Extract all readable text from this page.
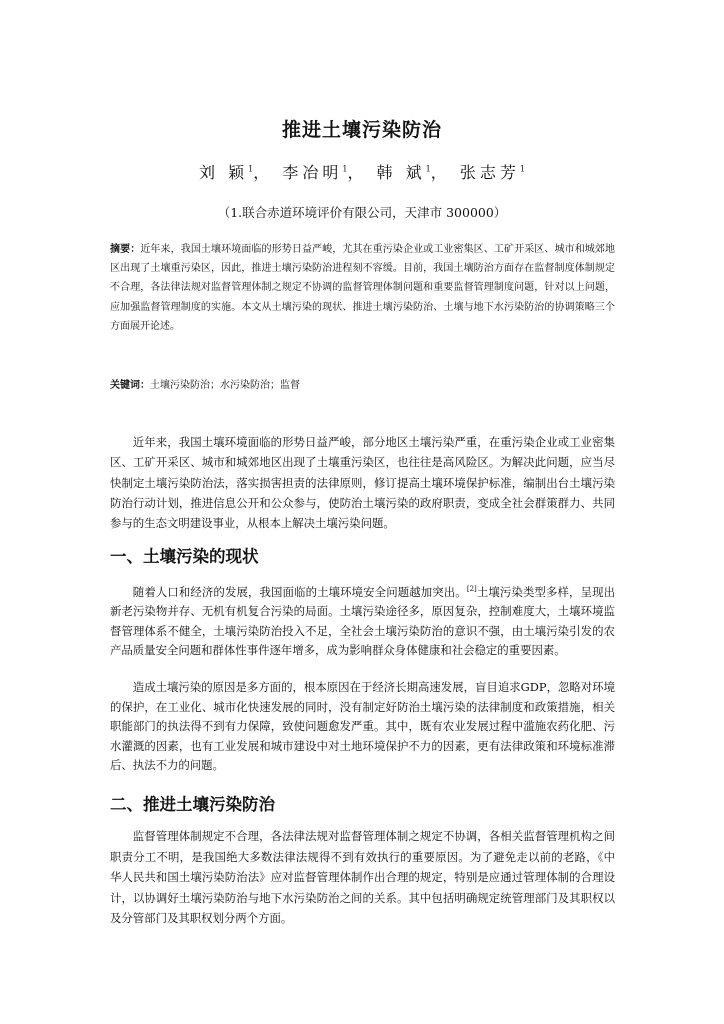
推进土壤污染防治
刘 颖$^1$， 李冶明$^1$， 韩 斌$^1$， 张志芳$^1$
（1.联合赤道环境评价有限公司，天津市 300000）
摘要：近年来，我国土壤环境面临的形势日益严峻，尤其在重污染企业或工业密集区、工矿开采区、城市和城郊地区出现了土壤重污染区，因此，推进土壤污染防治进程刻不容缓。目前，我国土壤防治方面存在监督制度体制规定不合理，各法律法规对监督管理体制之规定不协调的监督管理体制问题和重要监督管理制度问题，针对以上问题，应加强监督管理制度的实施。本文从土壤污染的现状、推进土壤污染防治、土壤与地下水污染防治的协调策略三个方面展开论述。
关键词：土壤污染防治；水污染防治；监督
近年来，我国土壤环境面临的形势日益严峻，部分地区土壤污染严重，在重污染企业或工业密集区、工矿开采区、城市和城郊地区出现了土壤重污染区，也往往是高风险区。为解决此问题，应当尽快制定土壤污染防治法，落实损害担责的法律原则，修订提高土壤环境保护标准，编制出台土壤污染防治行动计划，推进信息公开和公众参与，使防治土壤污染的政府职责，变成全社会群策群力、共同参与的生态文明建设事业，从根本上解决土壤污染问题。
一、土壤污染的现状
随着人口和经济的发展，我国面临的土壤环境安全问题越加突出。[2]土壤污染类型多样，呈现出新老污染物并存、无机有机复合污染的局面。土壤污染途径多，原因复杂，控制难度大，土壤环境监督管理体系不健全，土壤污染防治投入不足，全社会土壤污染防治的意识不强，由土壤污染引发的农产品质量安全问题和群体性事件逐年增多，成为影响群众身体健康和社会稳定的重要因素。
造成土壤污染的原因是多方面的，根本原因在于经济长期高速发展，盲目追求GDP，忽略对环境的保护，在工业化、城市化快速发展的同时，没有制定好防治土壤污染的法律制度和政策措施，相关职能部门的执法得不到有力保障，致使问题愈发严重。其中，既有农业发展过程中滥施农药化肥、污水灌溉的因素，也有工业发展和城市建设中对土地环境保护不力的因素，更有法律政策和环境标准滞后、执法不力的问题。
二、推进土壤污染防治
监督管理体制规定不合理，各法律法规对监督管理体制之规定不协调，各相关监督管理机构之间职责分工不明，是我国绝大多数法律法规得不到有效执行的重要原因。为了避免走以前的老路，《中华人民共和国土壤污染防治法》应对监督管理体制作出合理的规定，特别是应通过管理体制的合理设计，以协调好土壤污染防治与地下水污染防治之间的关系。其中包括明确规定统管理部门及其职权以及分管部门及其职权划分两个方面。
